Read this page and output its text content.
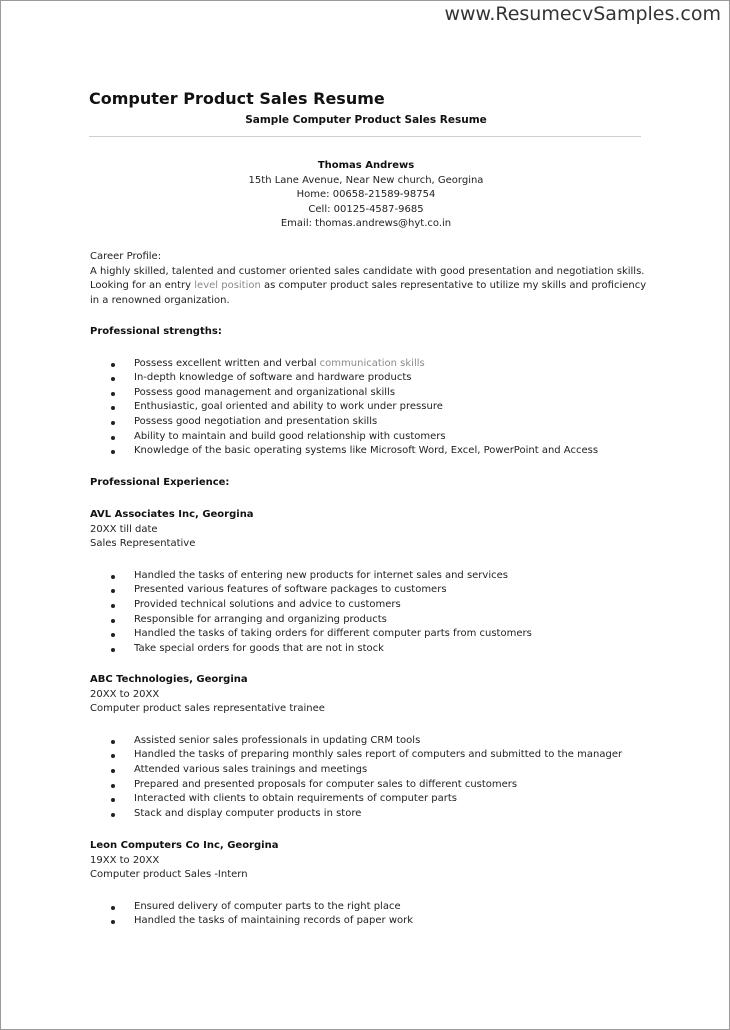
www.ResumecvSamples.com
Computer Product Sales Resume
Sample Computer Product Sales Resume
Thomas Andrews
15th Lane Avenue, Near New church, Georgina
Home: 00658-21589-98754
Cell: 00125-4587-9685
Email: thomas.andrews@hyt.co.in
Career Profile:
A highly skilled, talented and customer oriented sales candidate with good presentation and negotiation skills.
Looking for an entry level position as computer product sales representative to utilize my skills and proficiency
in a renowned organization.
Professional strengths:
Possess excellent written and verbal communication skills
In-depth knowledge of software and hardware products
Possess good management and organizational skills
Enthusiastic, goal oriented and ability to work under pressure
Possess good negotiation and presentation skills
Ability to maintain and build good relationship with customers
Knowledge of the basic operating systems like Microsoft Word, Excel, PowerPoint and Access
Professional Experience:
AVL Associates Inc, Georgina
20XX till date
Sales Representative
Handled the tasks of entering new products for internet sales and services
Presented various features of software packages to customers
Provided technical solutions and advice to customers
Responsible for arranging and organizing products
Handled the tasks of taking orders for different computer parts from customers
Take special orders for goods that are not in stock
ABC Technologies, Georgina
20XX to 20XX
Computer product sales representative trainee
Assisted senior sales professionals in updating CRM tools
Handled the tasks of preparing monthly sales report of computers and submitted to the manager
Attended various sales trainings and meetings
Prepared and presented proposals for computer sales to different customers
Interacted with clients to obtain requirements of computer parts
Stack and display computer products in store
Leon Computers Co Inc, Georgina
19XX to 20XX
Computer product Sales -Intern
Ensured delivery of computer parts to the right place
Handled the tasks of maintaining records of paper work
